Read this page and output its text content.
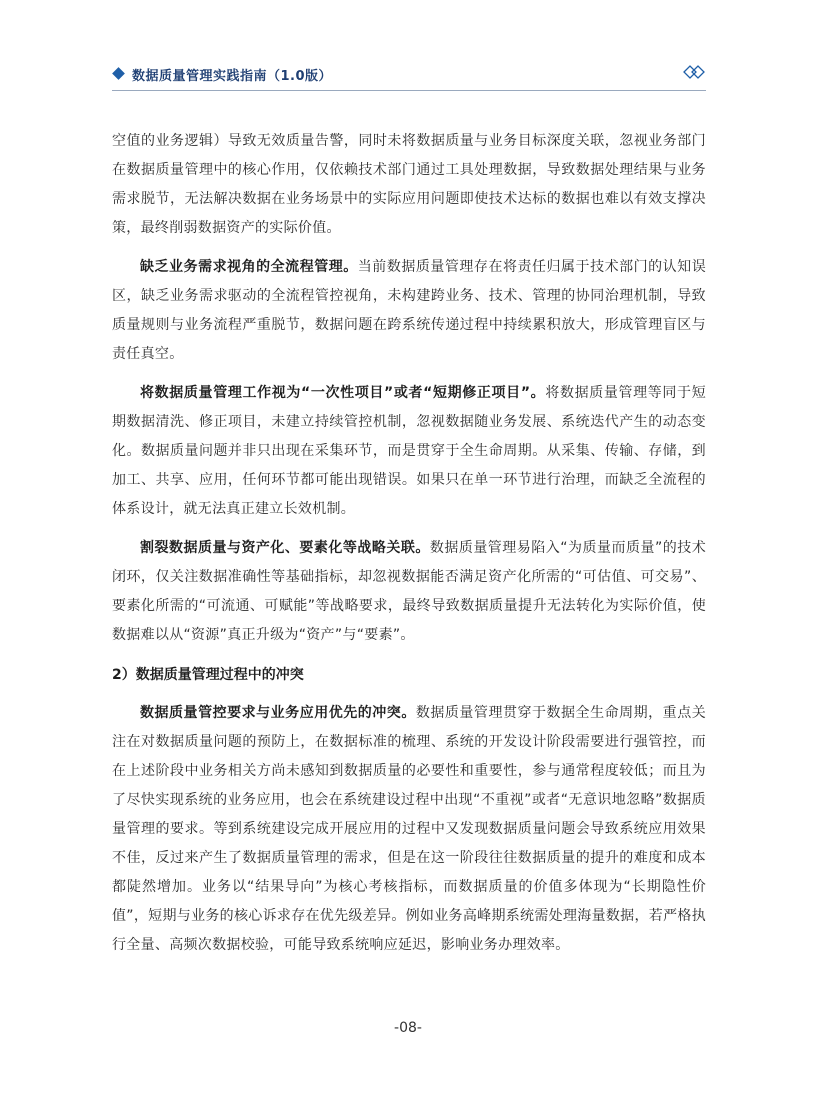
数据质量管理实践指南（1.0版）

空值的业务逻辑）导致无效质量告警，同时未将数据质量与业务目标深度关联，忽视业务部门在数据质量管理中的核心作用，仅依赖技术部门通过工具处理数据，导致数据处理结果与业务需求脱节，无法解决数据在业务场景中的实际应用问题即使技术达标的数据也难以有效支撑决策，最终削弱数据资产的实际价值。

缺乏业务需求视角的全流程管理。当前数据质量管理存在将责任归属于技术部门的认知误区，缺乏业务需求驱动的全流程管控视角，未构建跨业务、技术、管理的协同治理机制，导致质量规则与业务流程严重脱节，数据问题在跨系统传递过程中持续累积放大，形成管理盲区与责任真空。

将数据质量管理工作视为“一次性项目”或者“短期修正项目”。将数据质量管理等同于短期数据清洗、修正项目，未建立持续管控机制，忽视数据随业务发展、系统迭代产生的动态变化。数据质量问题并非只出现在采集环节，而是贯穿于全生命周期。从采集、传输、存储，到加工、共享、应用，任何环节都可能出现错误。如果只在单一环节进行治理，而缺乏全流程的体系设计，就无法真正建立长效机制。

割裂数据质量与资产化、要素化等战略关联。数据质量管理易陷入“为质量而质量”的技术闭环，仅关注数据准确性等基础指标，却忽视数据能否满足资产化所需的“可估值、可交易”、要素化所需的“可流通、可赋能”等战略要求，最终导致数据质量提升无法转化为实际价值，使数据难以从“资源”真正升级为“资产”与“要素”。

2）数据质量管理过程中的冲突

数据质量管控要求与业务应用优先的冲突。数据质量管理贯穿于数据全生命周期，重点关注在对数据质量问题的预防上，在数据标准的梳理、系统的开发设计阶段需要进行强管控，而在上述阶段中业务相关方尚未感知到数据质量的必要性和重要性，参与通常程度较低；而且为了尽快实现系统的业务应用，也会在系统建设过程中出现“不重视”或者“无意识地忽略”数据质量管理的要求。等到系统建设完成开展应用的过程中又发现数据质量问题会导致系统应用效果不佳，反过来产生了数据质量管理的需求，但是在这一阶段往往数据质量的提升的难度和成本都陡然增加。业务以“结果导向”为核心考核指标，而数据质量的价值多体现为“长期隐性价值”，短期与业务的核心诉求存在优先级差异。例如业务高峰期系统需处理海量数据，若严格执行全量、高频次数据校验，可能导致系统响应延迟，影响业务办理效率。

-08-
